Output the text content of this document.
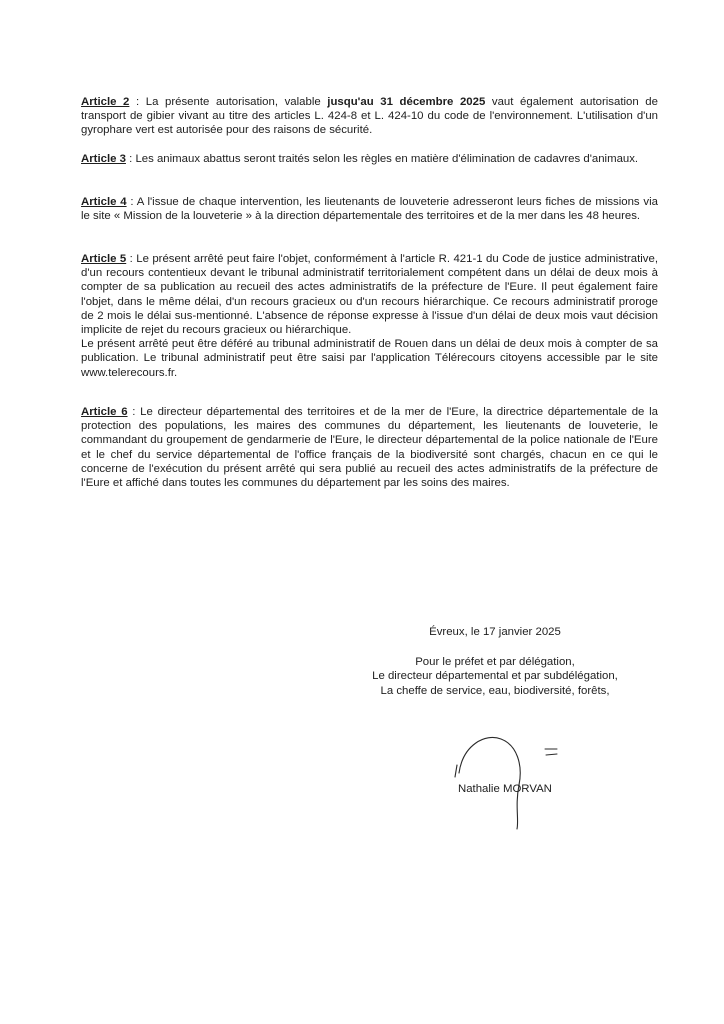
Article 2 : La présente autorisation, valable jusqu'au 31 décembre 2025 vaut également autorisation de transport de gibier vivant au titre des articles L. 424-8 et L. 424-10 du code de l'environnement. L'utilisation d'un gyrophare vert est autorisée pour des raisons de sécurité.

Article 3 : Les animaux abattus seront traités selon les règles en matière d'élimination de cadavres d'animaux.

Article 4 : A l'issue de chaque intervention, les lieutenants de louveterie adresseront leurs fiches de missions via le site « Mission de la louveterie » à la direction départementale des territoires et de la mer dans les 48 heures.

Article 5 : Le présent arrêté peut faire l'objet, conformément à l'article R. 421-1 du Code de justice administrative, d'un recours contentieux devant le tribunal administratif territorialement compétent dans un délai de deux mois à compter de sa publication au recueil des actes administratifs de la préfecture de l'Eure. Il peut également faire l'objet, dans le même délai, d'un recours gracieux ou d'un recours hiérarchique. Ce recours administratif proroge de 2 mois le délai sus-mentionné. L'absence de réponse expresse à l'issue d'un délai de deux mois vaut décision implicite de rejet du recours gracieux ou hiérarchique.

Le présent arrêté peut être déféré au tribunal administratif de Rouen dans un délai de deux mois à compter de sa publication. Le tribunal administratif peut être saisi par l'application Télérecours citoyens accessible par le site www.telerecours.fr.

Article 6 : Le directeur départemental des territoires et de la mer de l'Eure, la directrice départementale de la protection des populations, les maires des communes du département, les lieutenants de louveterie, le commandant du groupement de gendarmerie de l'Eure, le directeur départemental de la police nationale de l'Eure et le chef du service départemental de l'office français de la biodiversité sont chargés, chacun en ce qui le concerne de l'exécution du présent arrêté qui sera publié au recueil des actes administratifs de la préfecture de l'Eure et affiché dans toutes les communes du département par les soins des maires.

Évreux, le 17 janvier 2025

Pour le préfet et par délégation,

Le directeur départemental et par subdélégation,

La cheffe de service, eau, biodiversité, forêts,

Nathalie MORVAN
